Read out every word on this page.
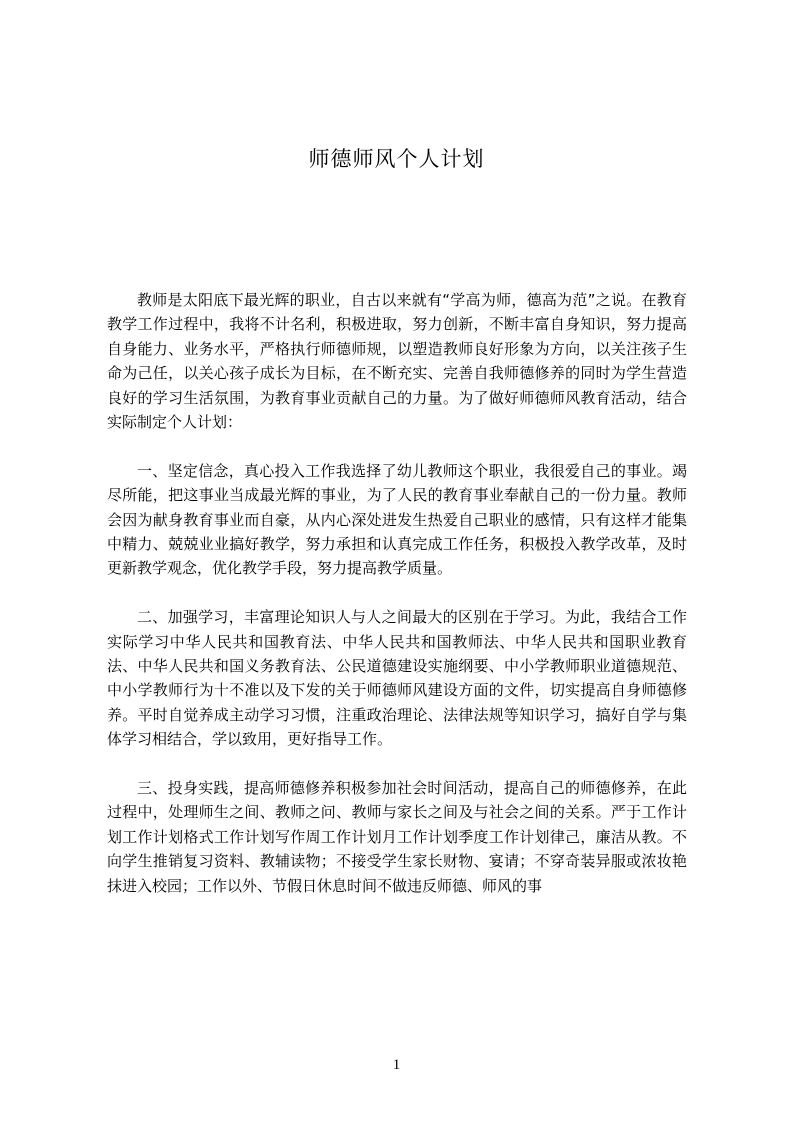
师德师风个人计划

教师是太阳底下最光辉的职业，自古以来就有“学高为师，德高为范”之说。在教育教学工作过程中，我将不计名利，积极进取，努力创新，不断丰富自身知识，努力提高自身能力、业务水平，严格执行师德师规，以塑造教师良好形象为方向，以关注孩子生命为己任，以关心孩子成长为目标，在不断充实、完善自我师德修养的同时为学生营造良好的学习生活氛围，为教育事业贡献自己的力量。为了做好师德师风教育活动，结合实际制定个人计划：

一、坚定信念，真心投入工作我选择了幼儿教师这个职业，我很爱自己的事业。竭尽所能，把这事业当成最光辉的事业，为了人民的教育事业奉献自己的一份力量。教师会因为献身教育事业而自豪，从内心深处进发生热爱自己职业的感情，只有这样才能集中精力、兢兢业业搞好教学，努力承担和认真完成工作任务，积极投入教学改革，及时更新教学观念，优化教学手段，努力提高教学质量。

二、加强学习，丰富理论知识人与人之间最大的区别在于学习。为此，我结合工作实际学习中华人民共和国教育法、中华人民共和国教师法、中华人民共和国职业教育法、中华人民共和国义务教育法、公民道德建设实施纲要、中小学教师职业道德规范、中小学教师行为十不准以及下发的关于师德师风建设方面的文件，切实提高自身师德修养。平时自觉养成主动学习习惯，注重政治理论、法律法规等知识学习，搞好自学与集体学习相结合，学以致用，更好指导工作。

三、投身实践，提高师德修养积极参加社会时间活动，提高自己的师德修养，在此过程中，处理师生之间、教师之问、教师与家长之间及与社会之间的关系。严于工作计划工作计划格式工作计划写作周工作计划月工作计划季度工作计划律己，廉洁从教。不向学生推销复习资料、教辅读物；不接受学生家长财物、宴请；不穿奇装异服或浓妆艳抹进入校园；工作以外、节假日休息时间不做违反师德、师风的事

1
